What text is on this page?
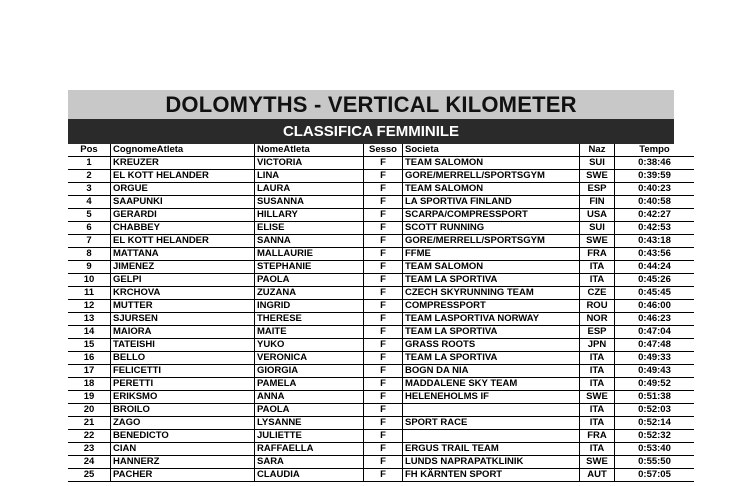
DOLOMYTHS - VERTICAL KILOMETER
CLASSIFICA FEMMINILE
Pos	CognomeAtleta	NomeAtleta	Sesso	Societa	Naz	Tempo
1	KREUZER	VICTORIA	F	TEAM SALOMON	SUI	0:38:46
2	EL KOTT HELANDER	LINA	F	GORE/MERRELL/SPORTSGYM	SWE	0:39:59
3	ORGUE	LAURA	F	TEAM SALOMON	ESP	0:40:23
4	SAAPUNKI	SUSANNA	F	LA SPORTIVA FINLAND	FIN	0:40:58
5	GERARDI	HILLARY	F	SCARPA/COMPRESSPORT	USA	0:42:27
6	CHABBEY	ELISE	F	SCOTT RUNNING	SUI	0:42:53
7	EL KOTT HELANDER	SANNA	F	GORE/MERRELL/SPORTSGYM	SWE	0:43:18
8	MATTANA	MALLAURIE	F	FFME	FRA	0:43:56
9	JIMENEZ	STEPHANIE	F	TEAM SALOMON	ITA	0:44:24
10	GELPI	PAOLA	F	TEAM LA SPORTIVA	ITA	0:45:26
11	KRCHOVA	ZUZANA	F	CZECH SKYRUNNING TEAM	CZE	0:45:45
12	MUTTER	INGRID	F	COMPRESSPORT	ROU	0:46:00
13	SJURSEN	THERESE	F	TEAM LASPORTIVA NORWAY	NOR	0:46:23
14	MAIORA	MAITE	F	TEAM LA SPORTIVA	ESP	0:47:04
15	TATEISHI	YUKO	F	GRASS ROOTS	JPN	0:47:48
16	BELLO	VERONICA	F	TEAM LA SPORTIVA	ITA	0:49:33
17	FELICETTI	GIORGIA	F	BOGN DA NIA	ITA	0:49:43
18	PERETTI	PAMELA	F	MADDALENE SKY TEAM	ITA	0:49:52
19	ERIKSMO	ANNA	F	HELENEHOLMS IF	SWE	0:51:38
20	BROILO	PAOLA	F		ITA	0:52:03
21	ZAGO	LYSANNE	F	SPORT RACE	ITA	0:52:14
22	BENEDICTO	JULIETTE	F		FRA	0:52:32
23	CIAN	RAFFAELLA	F	ERGUS TRAIL TEAM	ITA	0:53:40
24	HANNERZ	SARA	F	LUNDS NAPRAPATKLINIK	SWE	0:55:50
25	PACHER	CLAUDIA	F	FH KÄRNTEN SPORT	AUT	0:57:05
